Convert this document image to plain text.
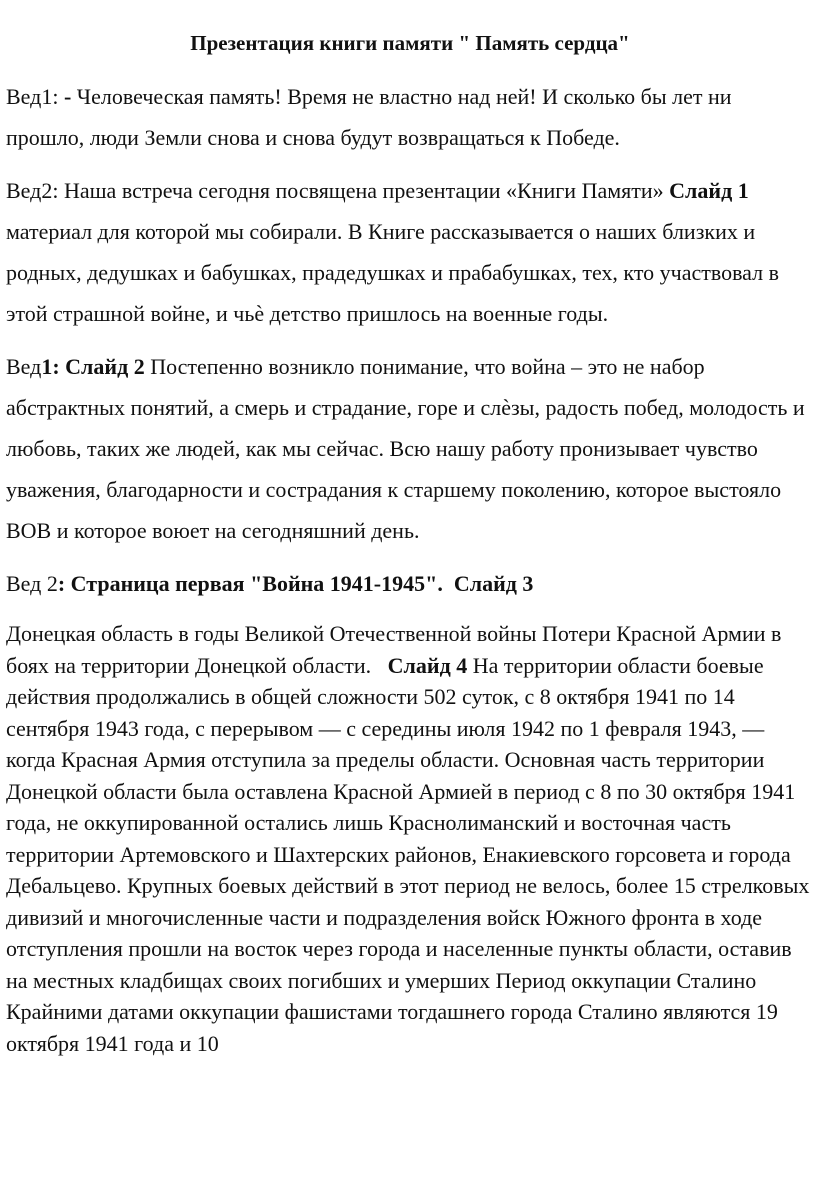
Презентация книги памяти " Память сердца"

Вед1: - Человеческая память! Время не властно над ней! И сколько бы лет ни прошло, люди Земли снова и снова будут возвращаться к Победе.

Вед2: Наша встреча сегодня посвящена презентации «Книги Памяти» Слайд 1 материал для которой мы собирали. В Книге рассказывается о наших близких и родных, дедушках и бабушках, прадедушках и прабабушках, тех, кто участвовал в этой страшной войне, и чьѐ детство пришлось на военные годы.

Вед1: Слайд 2 Постепенно возникло понимание, что война – это не набор абстрактных понятий, а смерь и страдание, горе и слѐзы, радость побед, молодость и любовь, таких же людей, как мы сейчас. Всю нашу работу пронизывает чувство уважения, благодарности и сострадания к старшему поколению, которое выстояло ВОВ и которое воюет на сегодняшний день.

Вед 2: Страница первая "Война 1941-1945". Слайд 3

Донецкая область в годы Великой Отечественной войны Потери Красной Армии в боях на территории Донецкой области. Слайд 4 На территории области боевые действия продолжались в общей сложности 502 суток, с 8 октября 1941 по 14 сентября 1943 года, с перерывом — с середины июля 1942 по 1 февраля 1943, — когда Красная Армия отступила за пределы области. Основная часть территории Донецкой области была оставлена Красной Армией в период с 8 по 30 октября 1941 года, не оккупированной остались лишь Краснолиманский и восточная часть территории Артемовского и Шахтерских районов, Енакиевского горсовета и города Дебальцево. Крупных боевых действий в этот период не велось, более 15 стрелковых дивизий и многочисленные части и подразделения войск Южного фронта в ходе отступления прошли на восток через города и населенные пункты области, оставив на местных кладбищах своих погибших и умерших Период оккупации Сталино Крайними датами оккупации фашистами тогдашнего города Сталино являются 19 октября 1941 года и 10
